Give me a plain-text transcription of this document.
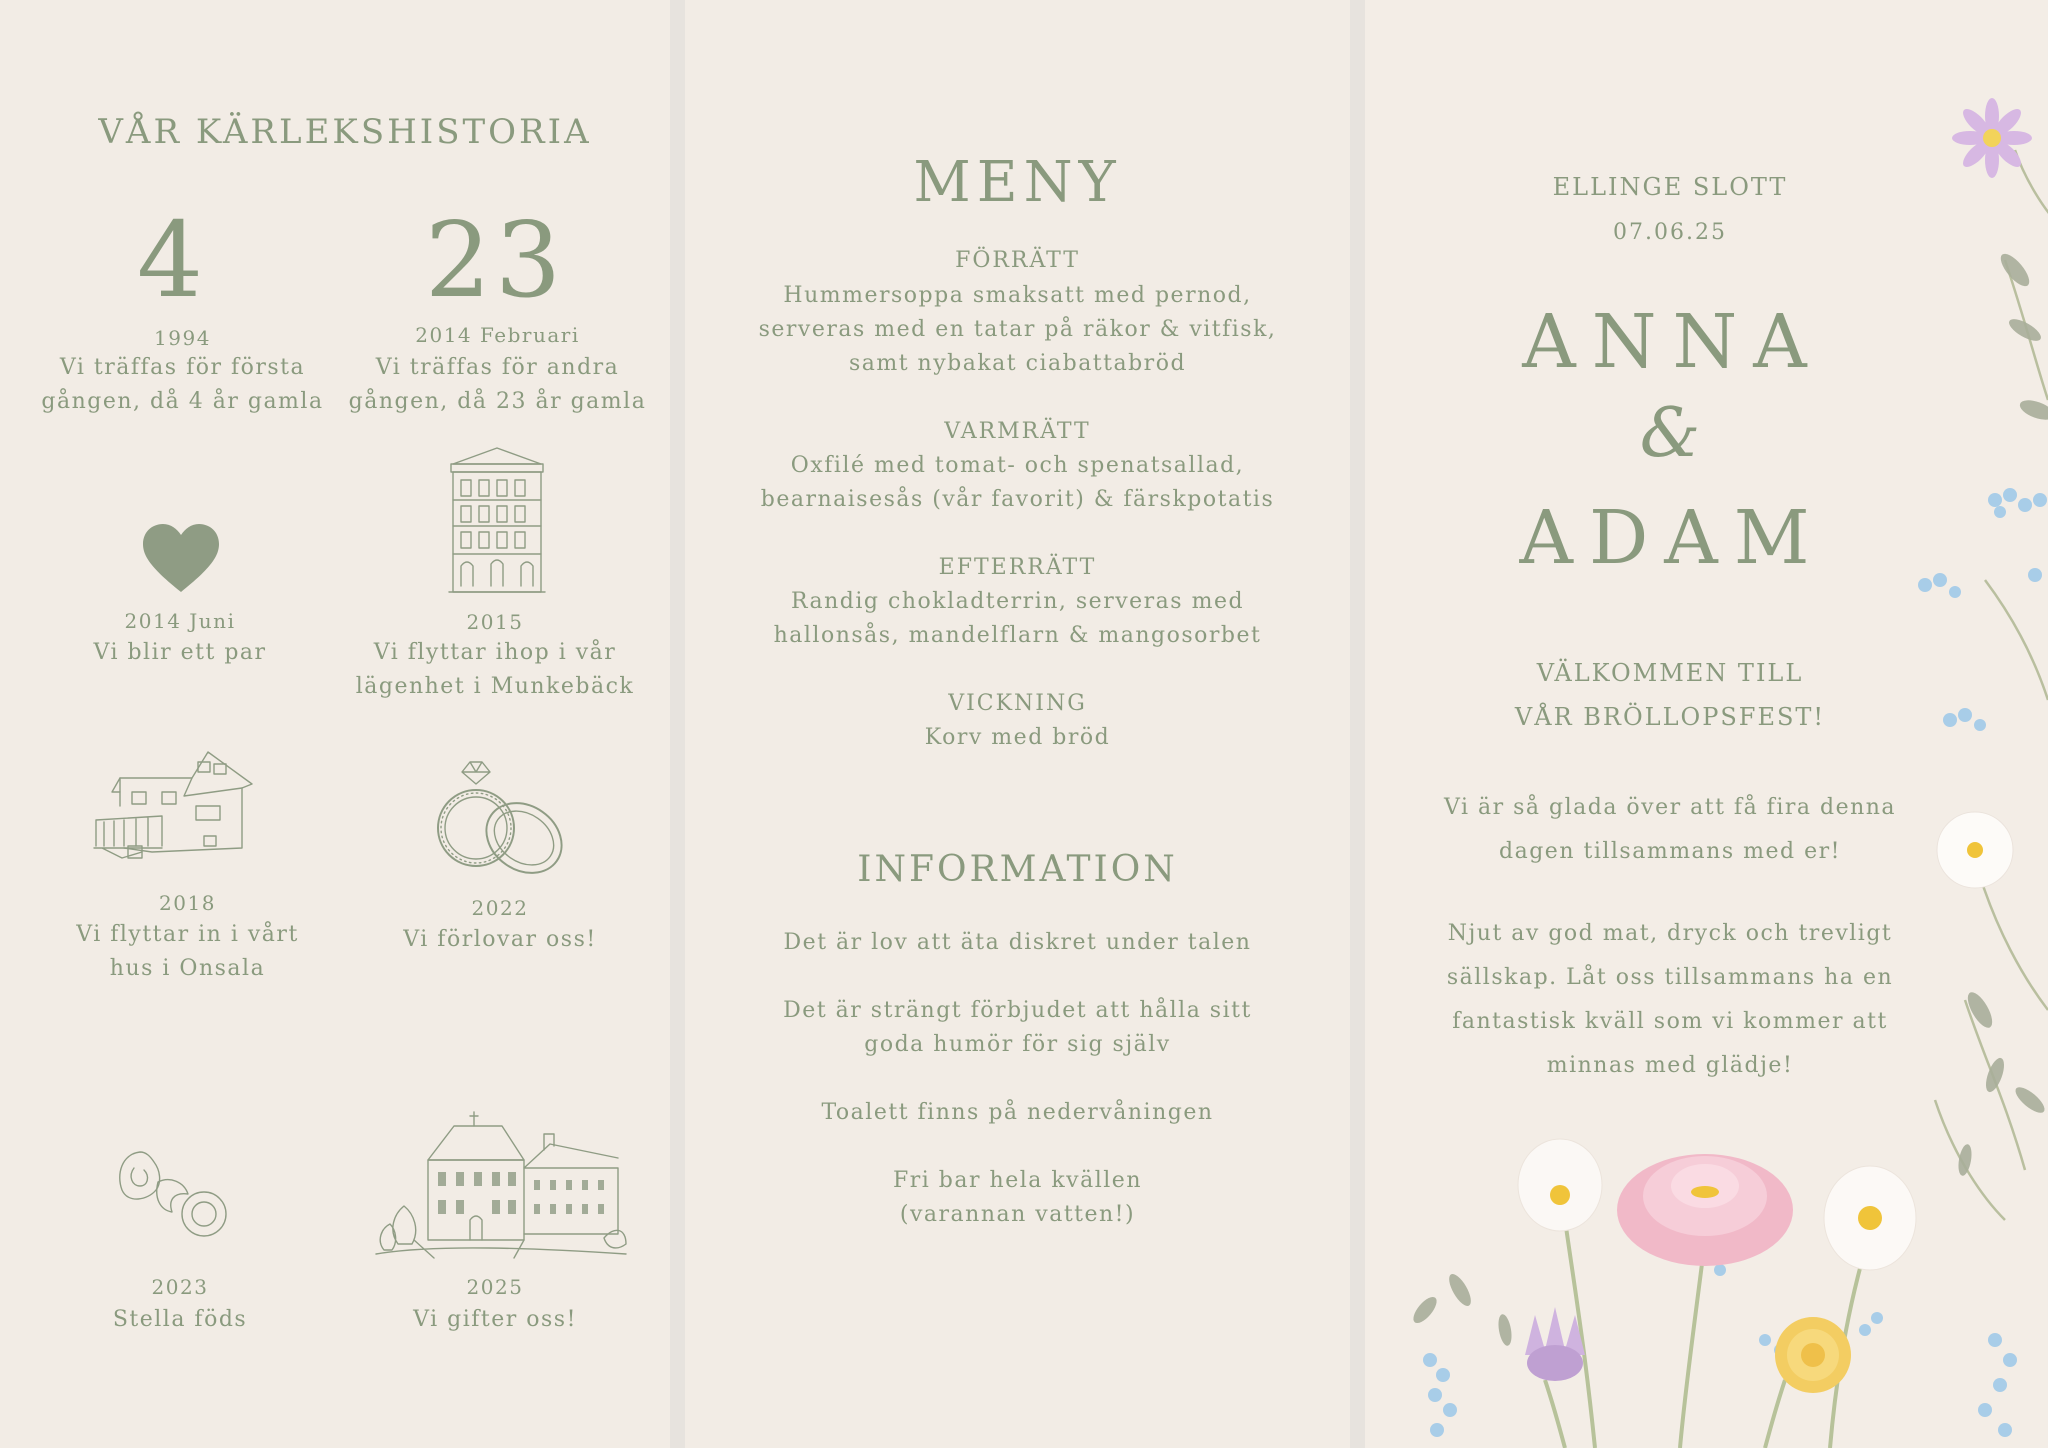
VÅR KÄRLEKSHISTORIA
4
1994
Vi träffas för första
gången, då 4 år gamla
23
2014 Februari
Vi träffas för andra
gången, då 23 år gamla
2014 Juni
Vi blir ett par
2015
Vi flyttar ihop i vår
lägenhet i Munkebäck
2018
Vi flyttar in i vårt
hus i Onsala
2022
Vi förlovar oss!
2023
Stella föds
2025
Vi gifter oss!
MENY
FÖRRÄTT
Hummersoppa smaksatt med pernod,
serveras med en tatar på räkor & vitfisk,
samt nybakat ciabattabröd
VARMRÄTT
Oxfilé med tomat- och spenatsallad,
bearnaisesås (vår favorit) & färskpotatis
EFTERRÄTT
Randig chokladterrin, serveras med
hallonsås, mandelflarn & mangosorbet
VICKNING
Korv med bröd
INFORMATION
Det är lov att äta diskret under talen
Det är strängt förbjudet att hålla sitt
goda humör för sig själv
Toalett finns på nedervåningen
Fri bar hela kvällen
(varannan vatten!)
ELLINGE SLOTT
07.06.25
ANNA
&
ADAM
VÄLKOMMEN TILL
VÅR BRÖLLOPSFEST!
Vi är så glada över att få fira denna
dagen tillsammans med er!
Njut av god mat, dryck och trevligt
sällskap. Låt oss tillsammans ha en
fantastisk kväll som vi kommer att
minnas med glädje!
